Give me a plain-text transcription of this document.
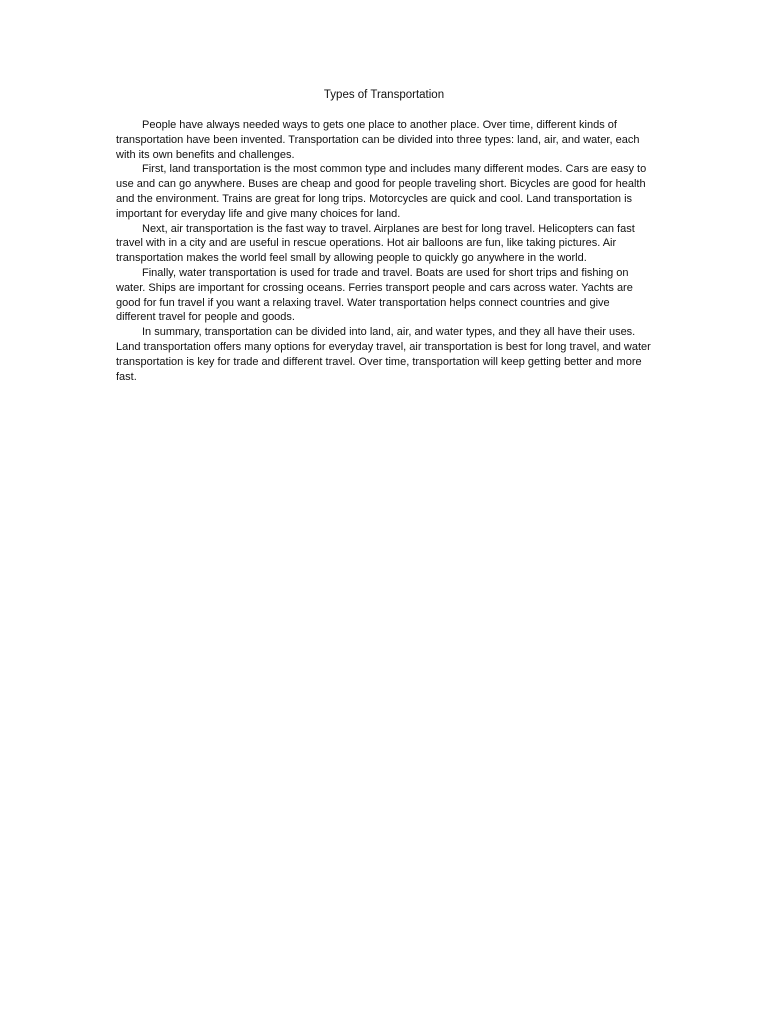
Types of Transportation

People have always needed ways to gets one place to another place. Over time, different kinds of transportation have been invented. Transportation can be divided into three types: land, air, and water, each with its own benefits and challenges.

First, land transportation is the most common type and includes many different modes. Cars are easy to use and can go anywhere. Buses are cheap and good for people traveling short. Bicycles are good for health and the environment. Trains are great for long trips. Motorcycles are quick and cool. Land transportation is important for everyday life and give many choices for land.

Next, air transportation is the fast way to travel. Airplanes are best for long travel. Helicopters can fast travel with in a city and are useful in rescue operations. Hot air balloons are fun, like taking pictures. Air transportation makes the world feel small by allowing people to quickly go anywhere in the world.

Finally, water transportation is used for trade and travel. Boats are used for short trips and fishing on water. Ships are important for crossing oceans. Ferries transport people and cars across water. Yachts are good for fun travel if you want a relaxing travel. Water transportation helps connect countries and give different travel for people and goods.

In summary, transportation can be divided into land, air, and water types, and they all have their uses. Land transportation offers many options for everyday travel, air transportation is best for long travel, and water transportation is key for trade and different travel. Over time, transportation will keep getting better and more fast.
